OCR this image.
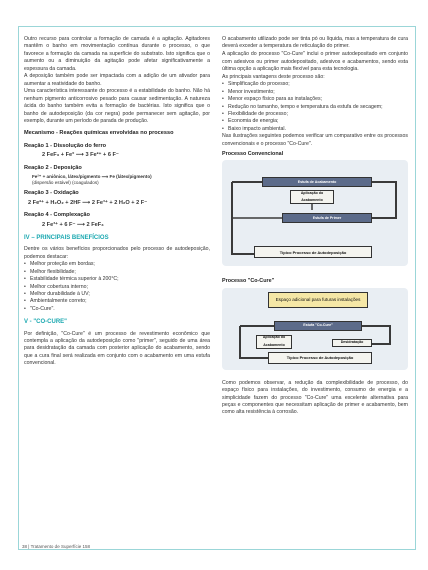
Outro recurso para controlar a formação de camada é a agitação. Agitadores mantêm o banho em movimentação contínua durante o processo, o que favorece a formação da camada na superfície do substrato. Isto significa que o aumento ou a diminuição da agitação pode afetar significativamente a espessura da camada.

A deposição também pode ser impactada com a adição de um ativador para aumentar a reatividade do banho.

Uma característica interessante do processo é a estabilidade do banho. Não há nenhum pigmento anticorrosivo pesado para causar sedimentação. A natureza ácida do banho também evita a formação de bactérias. Isto significa que o banho de autodeposição (da cor negra) pode permanecer sem agitação, por exemplo, durante um período de parada de produção.

Mecanismo - Reações químicas envolvidas no processo

Reação 1 - Dissolução do ferro

2 FeF₃ + Fe° ⟶ 3 Fe²⁺ + 6 F⁻

Reação 2 - Deposição

Fe²⁺ + aniônico, látex/pigmento ⟶ Fe (látex/pigmento)
(dispersão estável) (coagulados)

Reação 3 - Oxidação

2 Fe²⁺ + H₂O₂ + 2HF ⟶ 2 Fe³⁺ + 2 H₂O + 2 F⁻

Reação 4 - Complexação

2 Fe³⁺ + 6 F⁻ ⟶ 2 FeF₃

IV – PRINCIPAIS BENEFÍCIOS

Dentre os vários benefícios proporcionados pelo processo de autodeposição, podemos destacar:

• Melhor proteção em bordas;
• Melhor flexibilidade;
• Estabilidade térmica superior à 200°C;
• Melhor cobertura interno;
• Melhor durabilidade à UV;
• Ambientalmente correto;
• "Co-Cure".

V - "CO-CURE"

Por definição, "Co-Cure" é um processo de revestimento econômico que contempla a aplicação da autodeposição como "primer", seguido de uma área para desidratação da camada com posterior aplicação do acabamento, sendo que a cura final será realizada em conjunto com o acabamento em uma estufa convencional.

O acabamento utilizado pode ser tinta pó ou líquida, mas a temperatura de cura deverá exceder a temperatura de reticulação do primer.

A aplicação do processo "Co-Cure" inclui o primer autodepositado em conjunto com adesivos ou primer autodepositado, adesivos e acabamentos, sendo esta última opção a aplicação mais flexível para esta tecnologia.

As principais vantagens deste processo são:

• Simplificação do processo;
• Menor investimento;
• Menor espaço físico para as instalações;
• Redução no tamanho, tempo e temperatura da estufa de secagem;
• Flexibilidade de processo;
• Economia de energia;
• Baixo impacto ambiental.

Nas ilustrações seguintes podemos verificar um comparativo entre os processos convencionais e o processo "Co-Cure".

Processo Convencional

Estufa de Acabamento
Aplicação do Acabamento
Estufa de Primer
Típico Processo de Autodeposição

Processo "Co-Cure"

Espaço adicional para futuras instalações
Estufa "Co-Cure"
Aplicação do Acabamento
Desidratação
Típico Processo de Autodeposição

Como podemos observar, a redução da complexibilidade de processo, do espaço físico para instalações, do investimento, consumo de energia e a simplicidade fazem do processo "Co-Cure" uma excelente alternativa para peças e componentes que necessitam aplicação de primer e acabamento, bem como alta resistência à corrosão.

38 | Tratamento de Superfície 158
